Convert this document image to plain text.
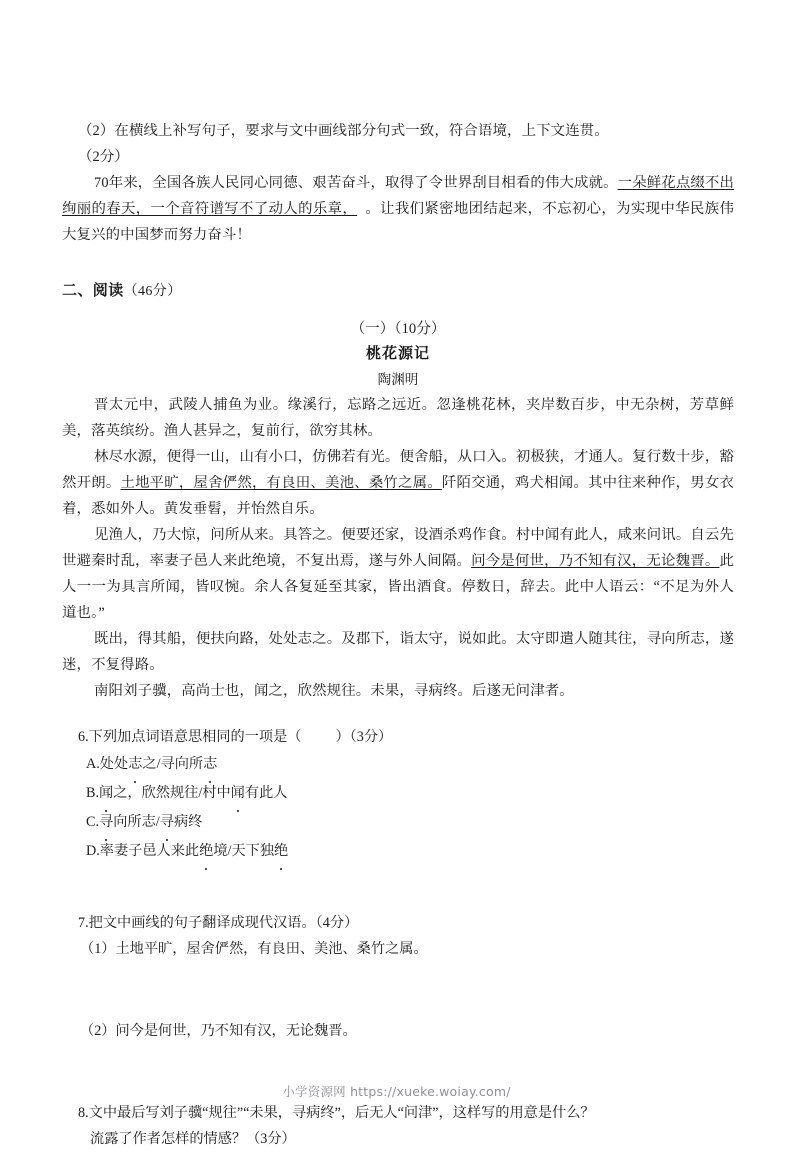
（2）在横线上补写句子，要求与文中画线部分句式一致，符合语境，上下文连贯。

（2分）

70年来，全国各族人民同心同德、艰苦奋斗，取得了令世界刮目相看的伟大成就。一朵鲜花点缀不出绚丽的春天，一个音符谱写不了动人的乐章， 。让我们紧密地团结起来，不忘初心，为实现中华民族伟大复兴的中国梦而努力奋斗！

二、阅读（46分）

（一）（10分）

桃花源记

陶渊明

晋太元中，武陵人捕鱼为业。缘溪行，忘路之远近。忽逢桃花林，夹岸数百步，中无杂树，芳草鲜美，落英缤纷。渔人甚异之，复前行，欲穷其林。

林尽水源，便得一山，山有小口，仿佛若有光。便舍船，从口入。初极狭，才通人。复行数十步，豁然开朗。土地平旷，屋舍俨然，有良田、美池、桑竹之属。阡陌交通，鸡犬相闻。其中往来种作，男女衣着，悉如外人。黄发垂髫，并怡然自乐。

见渔人，乃大惊，问所从来。具答之。便要还家，设酒杀鸡作食。村中闻有此人，咸来问讯。自云先世避秦时乱，率妻子邑人来此绝境，不复出焉，遂与外人间隔。问今是何世，乃不知有汉，无论魏晋。此人一一为具言所闻，皆叹惋。余人各复延至其家，皆出酒食。停数日，辞去。此中人语云：“不足为外人道也。”

既出，得其船，便扶向路，处处志之。及郡下，诣太守，说如此。太守即遣人随其往，寻向所志，遂迷，不复得路。

南阳刘子骥，高尚士也，闻之，欣然规往。未果，寻病终。后遂无问津者。

6.下列加点词语意思相同的一项是（ ）（3分）

A.处处志之/寻向所志

B.闻之，欣然规往/村中闻有此人

C.寻向所志/寻病终

D.率妻子邑人来此绝境/天下独绝

7.把文中画线的句子翻译成现代汉语。（4分）

（1）土地平旷，屋舍俨然，有良田、美池、桑竹之属。

（2）问今是何世，乃不知有汉，无论魏晋。

8.文中最后写刘子骥“规往”“未果，寻病终”，后无人“问津”，这样写的用意是什么？

流露了作者怎样的情感？（3分）

小学资源网 https://xueke.woiay.com/
